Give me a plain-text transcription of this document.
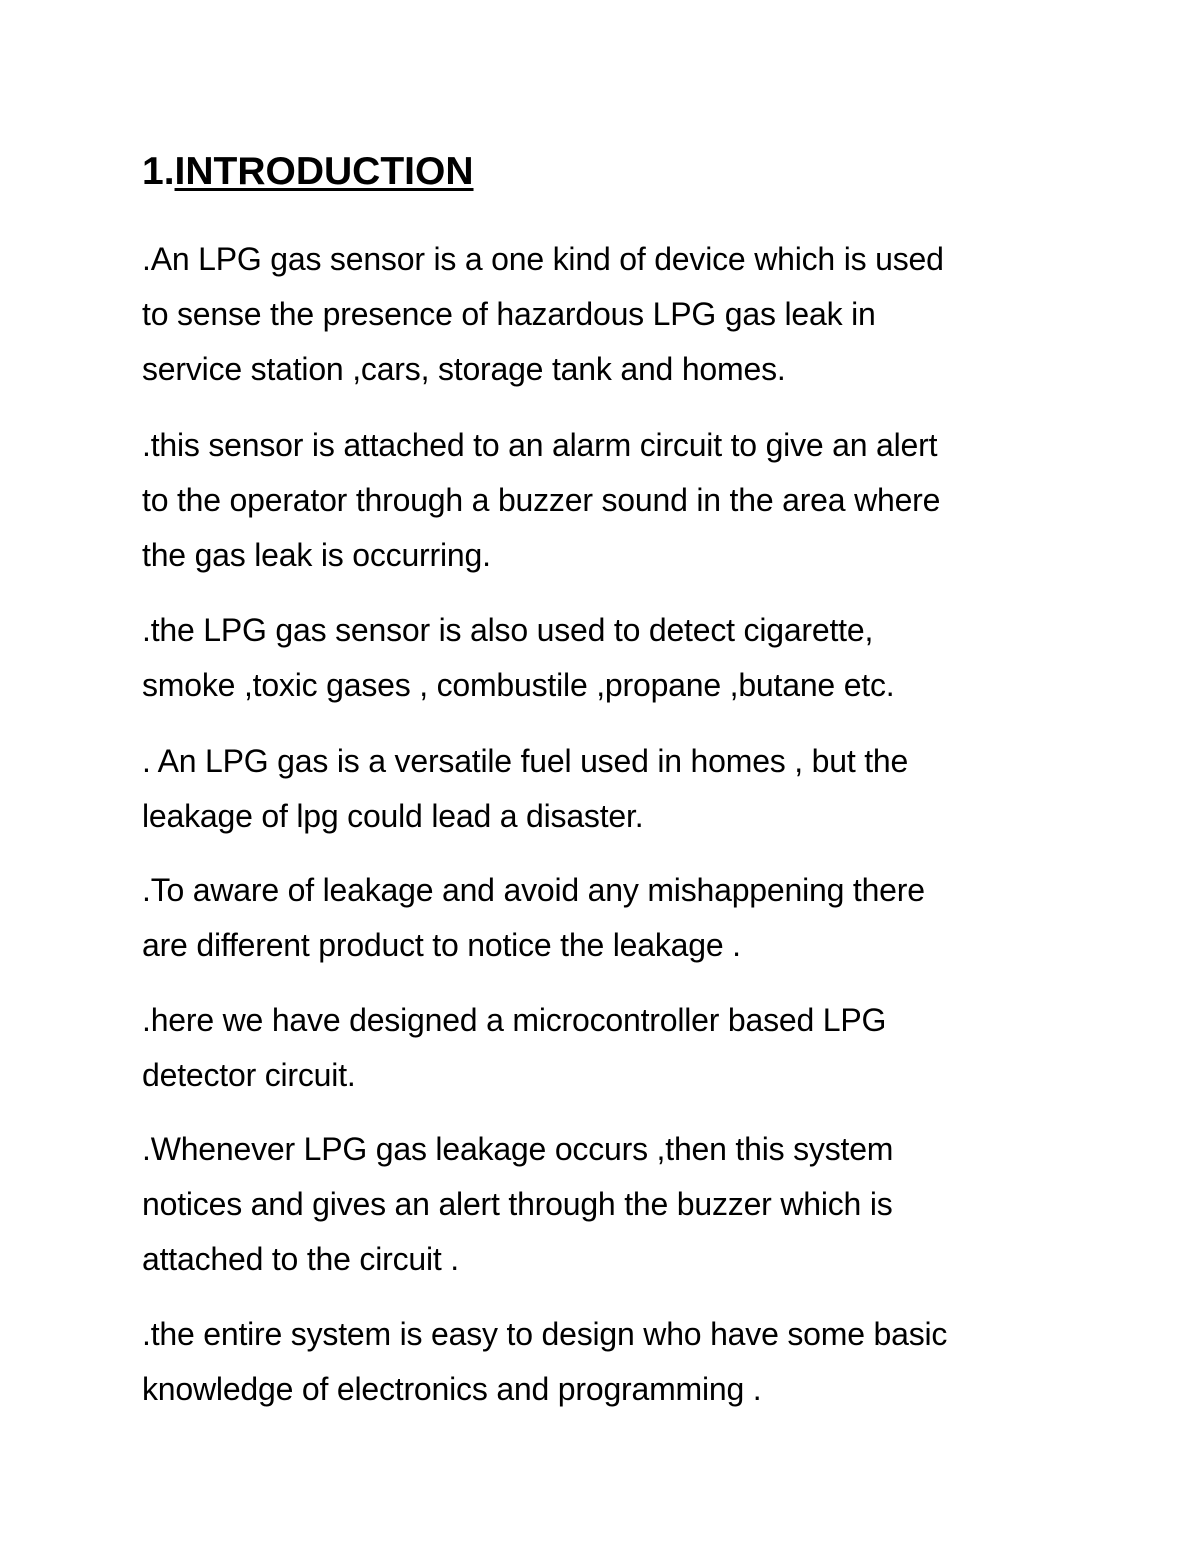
1.INTRODUCTION

.An LPG gas sensor is a one kind of device which is used
to sense the presence of hazardous LPG gas leak in
service station ,cars, storage tank and homes.

.this sensor is attached to an alarm circuit to give an alert
to the operator through a buzzer sound in the area where
the gas leak is occurring.

.the LPG gas sensor is also used to detect cigarette,
smoke ,toxic gases , combustile ,propane ,butane etc.

. An LPG gas is a versatile fuel used in homes , but the
leakage of lpg could lead a disaster.

.To aware of leakage and avoid any mishappening there
are different product to notice the leakage .

.here we have designed a microcontroller based LPG
detector circuit.

.Whenever LPG gas leakage occurs ,then this system
notices and gives an alert through the buzzer which is
attached to the circuit .

.the entire system is easy to design who have some basic
knowledge of electronics and programming .
